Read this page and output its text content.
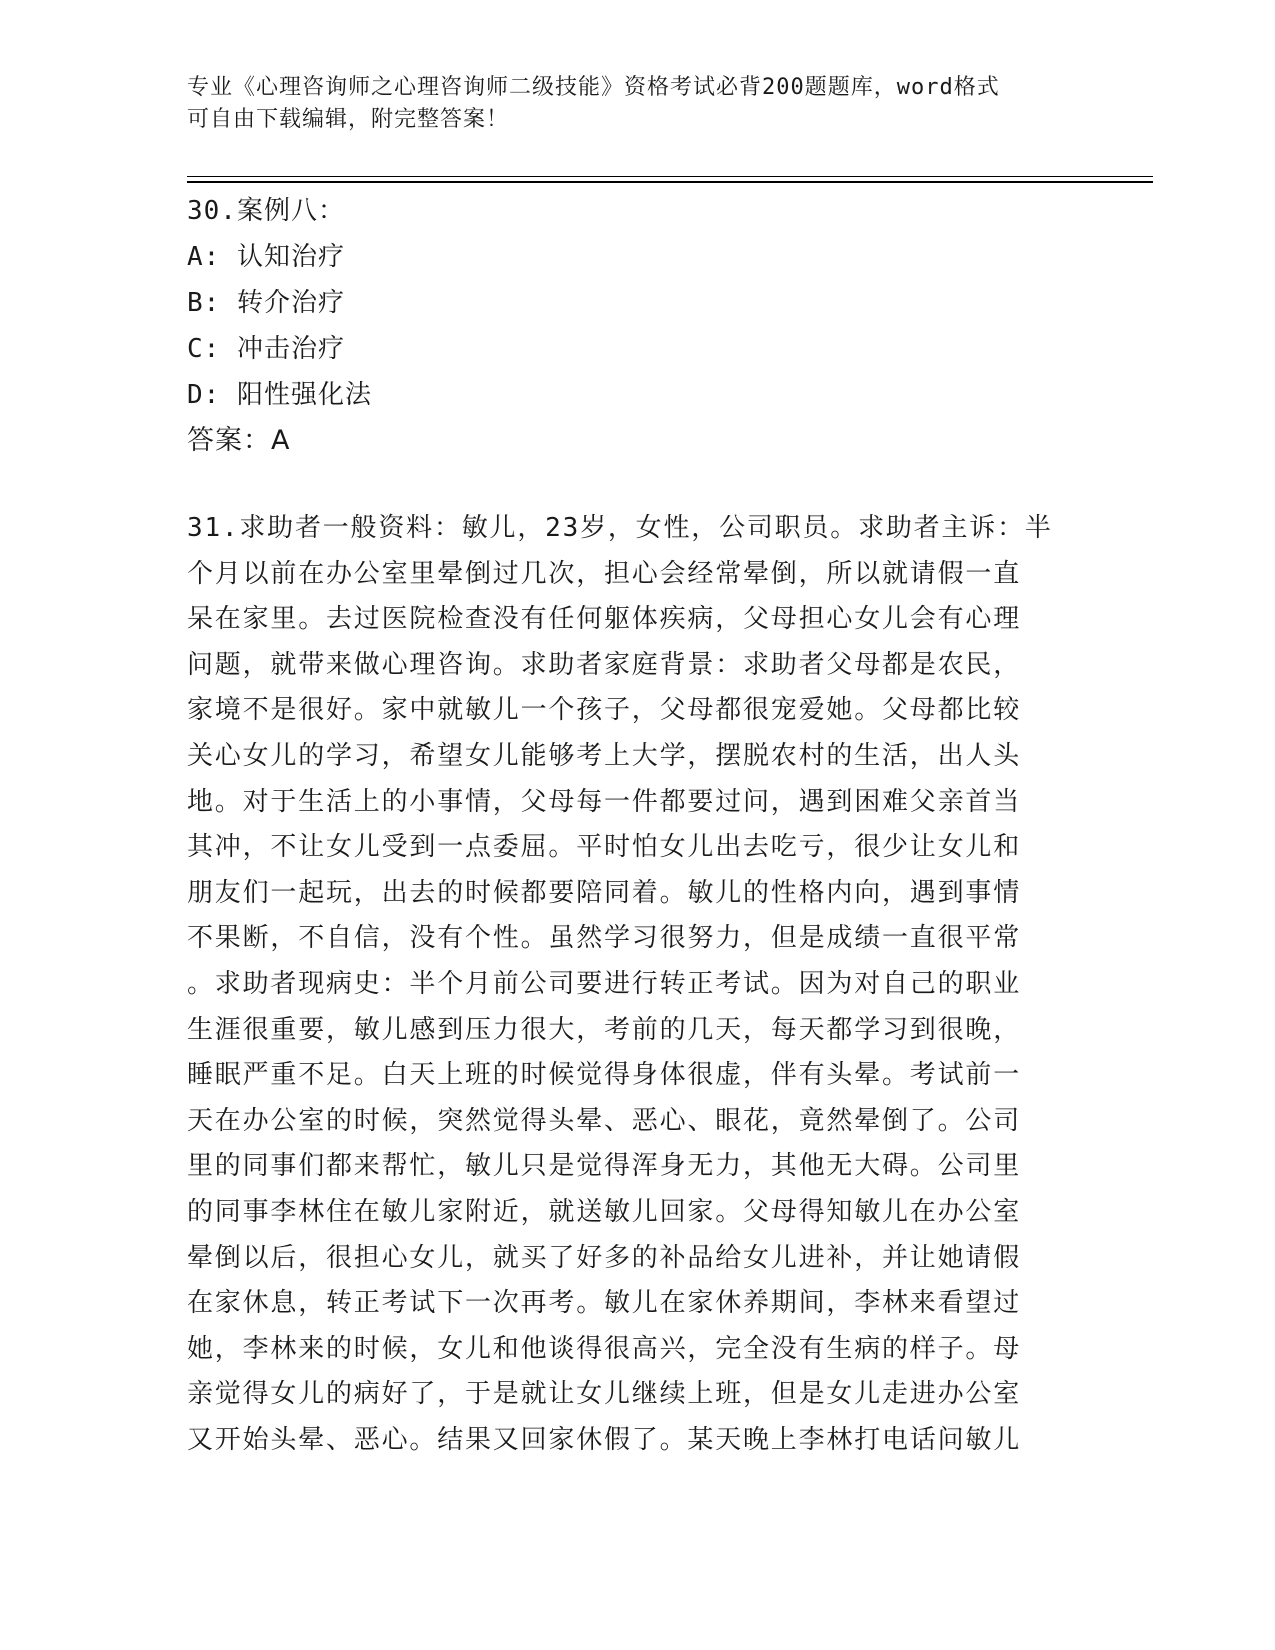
专业《心理咨询师之心理咨询师二级技能》资格考试必背200题题库，word格式
可自由下载编辑，附完整答案！
30.案例八：
A: 认知治疗
B: 转介治疗
C: 冲击治疗
D: 阳性强化法
答案：A
31.求助者一般资料：敏儿，23岁，女性，公司职员。求助者主诉：半
个月以前在办公室里晕倒过几次，担心会经常晕倒，所以就请假一直
呆在家里。去过医院检查没有任何躯体疾病，父母担心女儿会有心理
问题，就带来做心理咨询。求助者家庭背景：求助者父母都是农民，
家境不是很好。家中就敏儿一个孩子，父母都很宠爱她。父母都比较
关心女儿的学习，希望女儿能够考上大学，摆脱农村的生活，出人头
地。对于生活上的小事情，父母每一件都要过问，遇到困难父亲首当
其冲，不让女儿受到一点委屈。平时怕女儿出去吃亏，很少让女儿和
朋友们一起玩，出去的时候都要陪同着。敏儿的性格内向，遇到事情
不果断，不自信，没有个性。虽然学习很努力，但是成绩一直很平常
。求助者现病史：半个月前公司要进行转正考试。因为对自己的职业
生涯很重要，敏儿感到压力很大，考前的几天，每天都学习到很晚，
睡眠严重不足。白天上班的时候觉得身体很虚，伴有头晕。考试前一
天在办公室的时候，突然觉得头晕、恶心、眼花，竟然晕倒了。公司
里的同事们都来帮忙，敏儿只是觉得浑身无力，其他无大碍。公司里
的同事李林住在敏儿家附近，就送敏儿回家。父母得知敏儿在办公室
晕倒以后，很担心女儿，就买了好多的补品给女儿进补，并让她请假
在家休息，转正考试下一次再考。敏儿在家休养期间，李林来看望过
她，李林来的时候，女儿和他谈得很高兴，完全没有生病的样子。母
亲觉得女儿的病好了，于是就让女儿继续上班，但是女儿走进办公室
又开始头晕、恶心。结果又回家休假了。某天晚上李林打电话问敏儿
